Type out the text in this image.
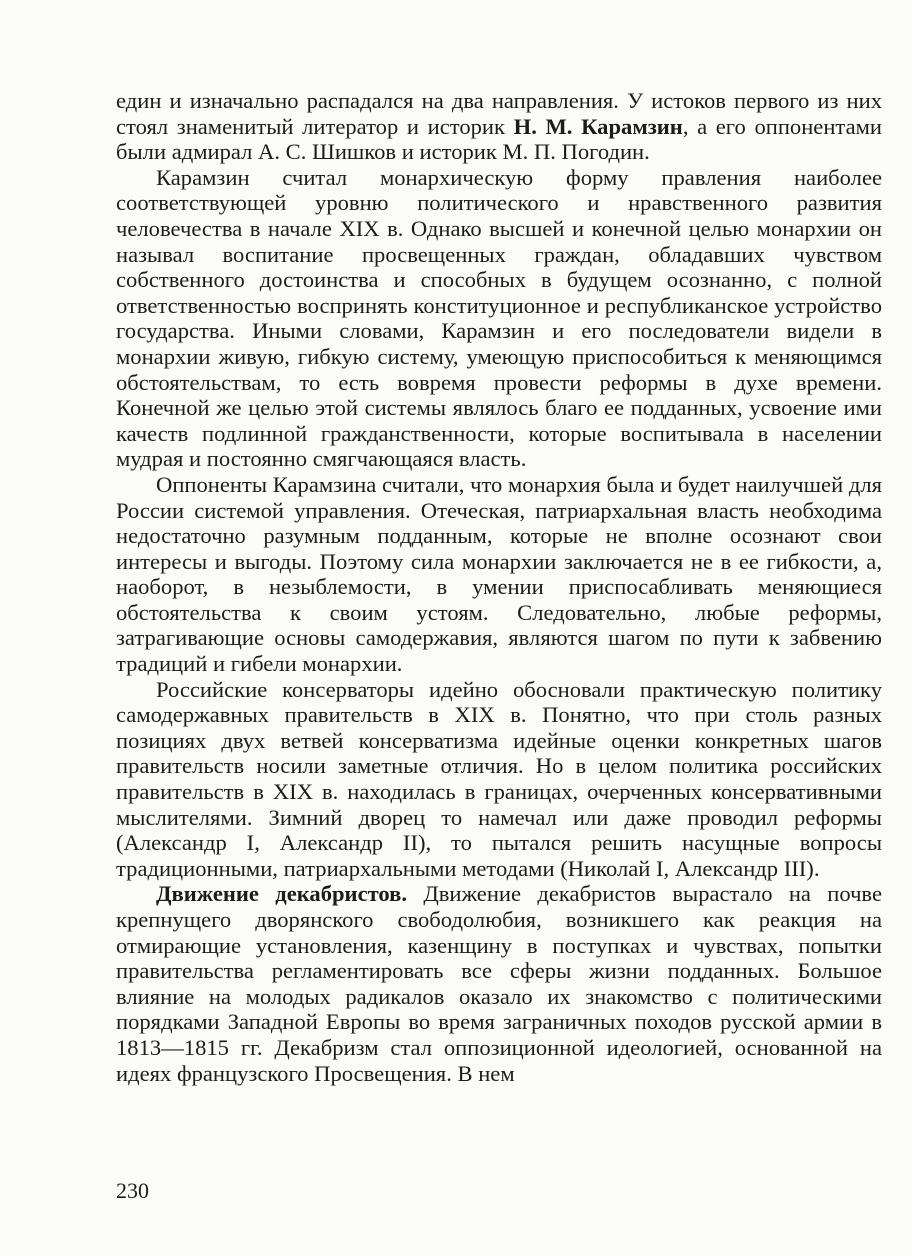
един и изначально распадался на два направления. У истоков первого из них стоял знаменитый литератор и историк Н. М. Карамзин, а его оппонентами были адмирал А. С. Шишков и историк М. П. Погодин.

Карамзин считал монархическую форму правления наиболее соответствующей уровню политического и нравственного развития человечества в начале XIX в. Однако высшей и конечной целью монархии он называл воспитание просвещенных граждан, обладавших чувством собственного достоинства и способных в будущем осознанно, с полной ответственностью воспринять конституционное и республиканское устройство государства. Иными словами, Карамзин и его последователи видели в монархии живую, гибкую систему, умеющую приспособиться к меняющимся обстоятельствам, то есть вовремя провести реформы в духе времени. Конечной же целью этой системы являлось благо ее подданных, усвоение ими качеств подлинной гражданственности, которые воспитывала в населении мудрая и постоянно смягчающаяся власть.

Оппоненты Карамзина считали, что монархия была и будет наилучшей для России системой управления. Отеческая, патриархальная власть необходима недостаточно разумным подданным, которые не вполне осознают свои интересы и выгоды. Поэтому сила монархии заключается не в ее гибкости, а, наоборот, в незыблемости, в умении приспосабливать меняющиеся обстоятельства к своим устоям. Следовательно, любые реформы, затрагивающие основы самодержавия, являются шагом по пути к забвению традиций и гибели монархии.

Российские консерваторы идейно обосновали практическую политику самодержавных правительств в XIX в. Понятно, что при столь разных позициях двух ветвей консерватизма идейные оценки конкретных шагов правительств носили заметные отличия. Но в целом политика российских правительств в XIX в. находилась в границах, очерченных консервативными мыслителями. Зимний дворец то намечал или даже проводил реформы (Александр I, Александр II), то пытался решить насущные вопросы традиционными, патриархальными методами (Николай I, Александр III).

Движение декабристов. Движение декабристов вырастало на почве крепнущего дворянского свободолюбия, возникшего как реакция на отмирающие установления, казенщину в поступках и чувствах, попытки правительства регламентировать все сферы жизни подданных. Большое влияние на молодых радикалов оказало их знакомство с политическими порядками Западной Европы во время заграничных походов русской армии в 1813—1815 гг. Декабризм стал оппозиционной идеологией, основанной на идеях французского Просвещения. В нем

230
